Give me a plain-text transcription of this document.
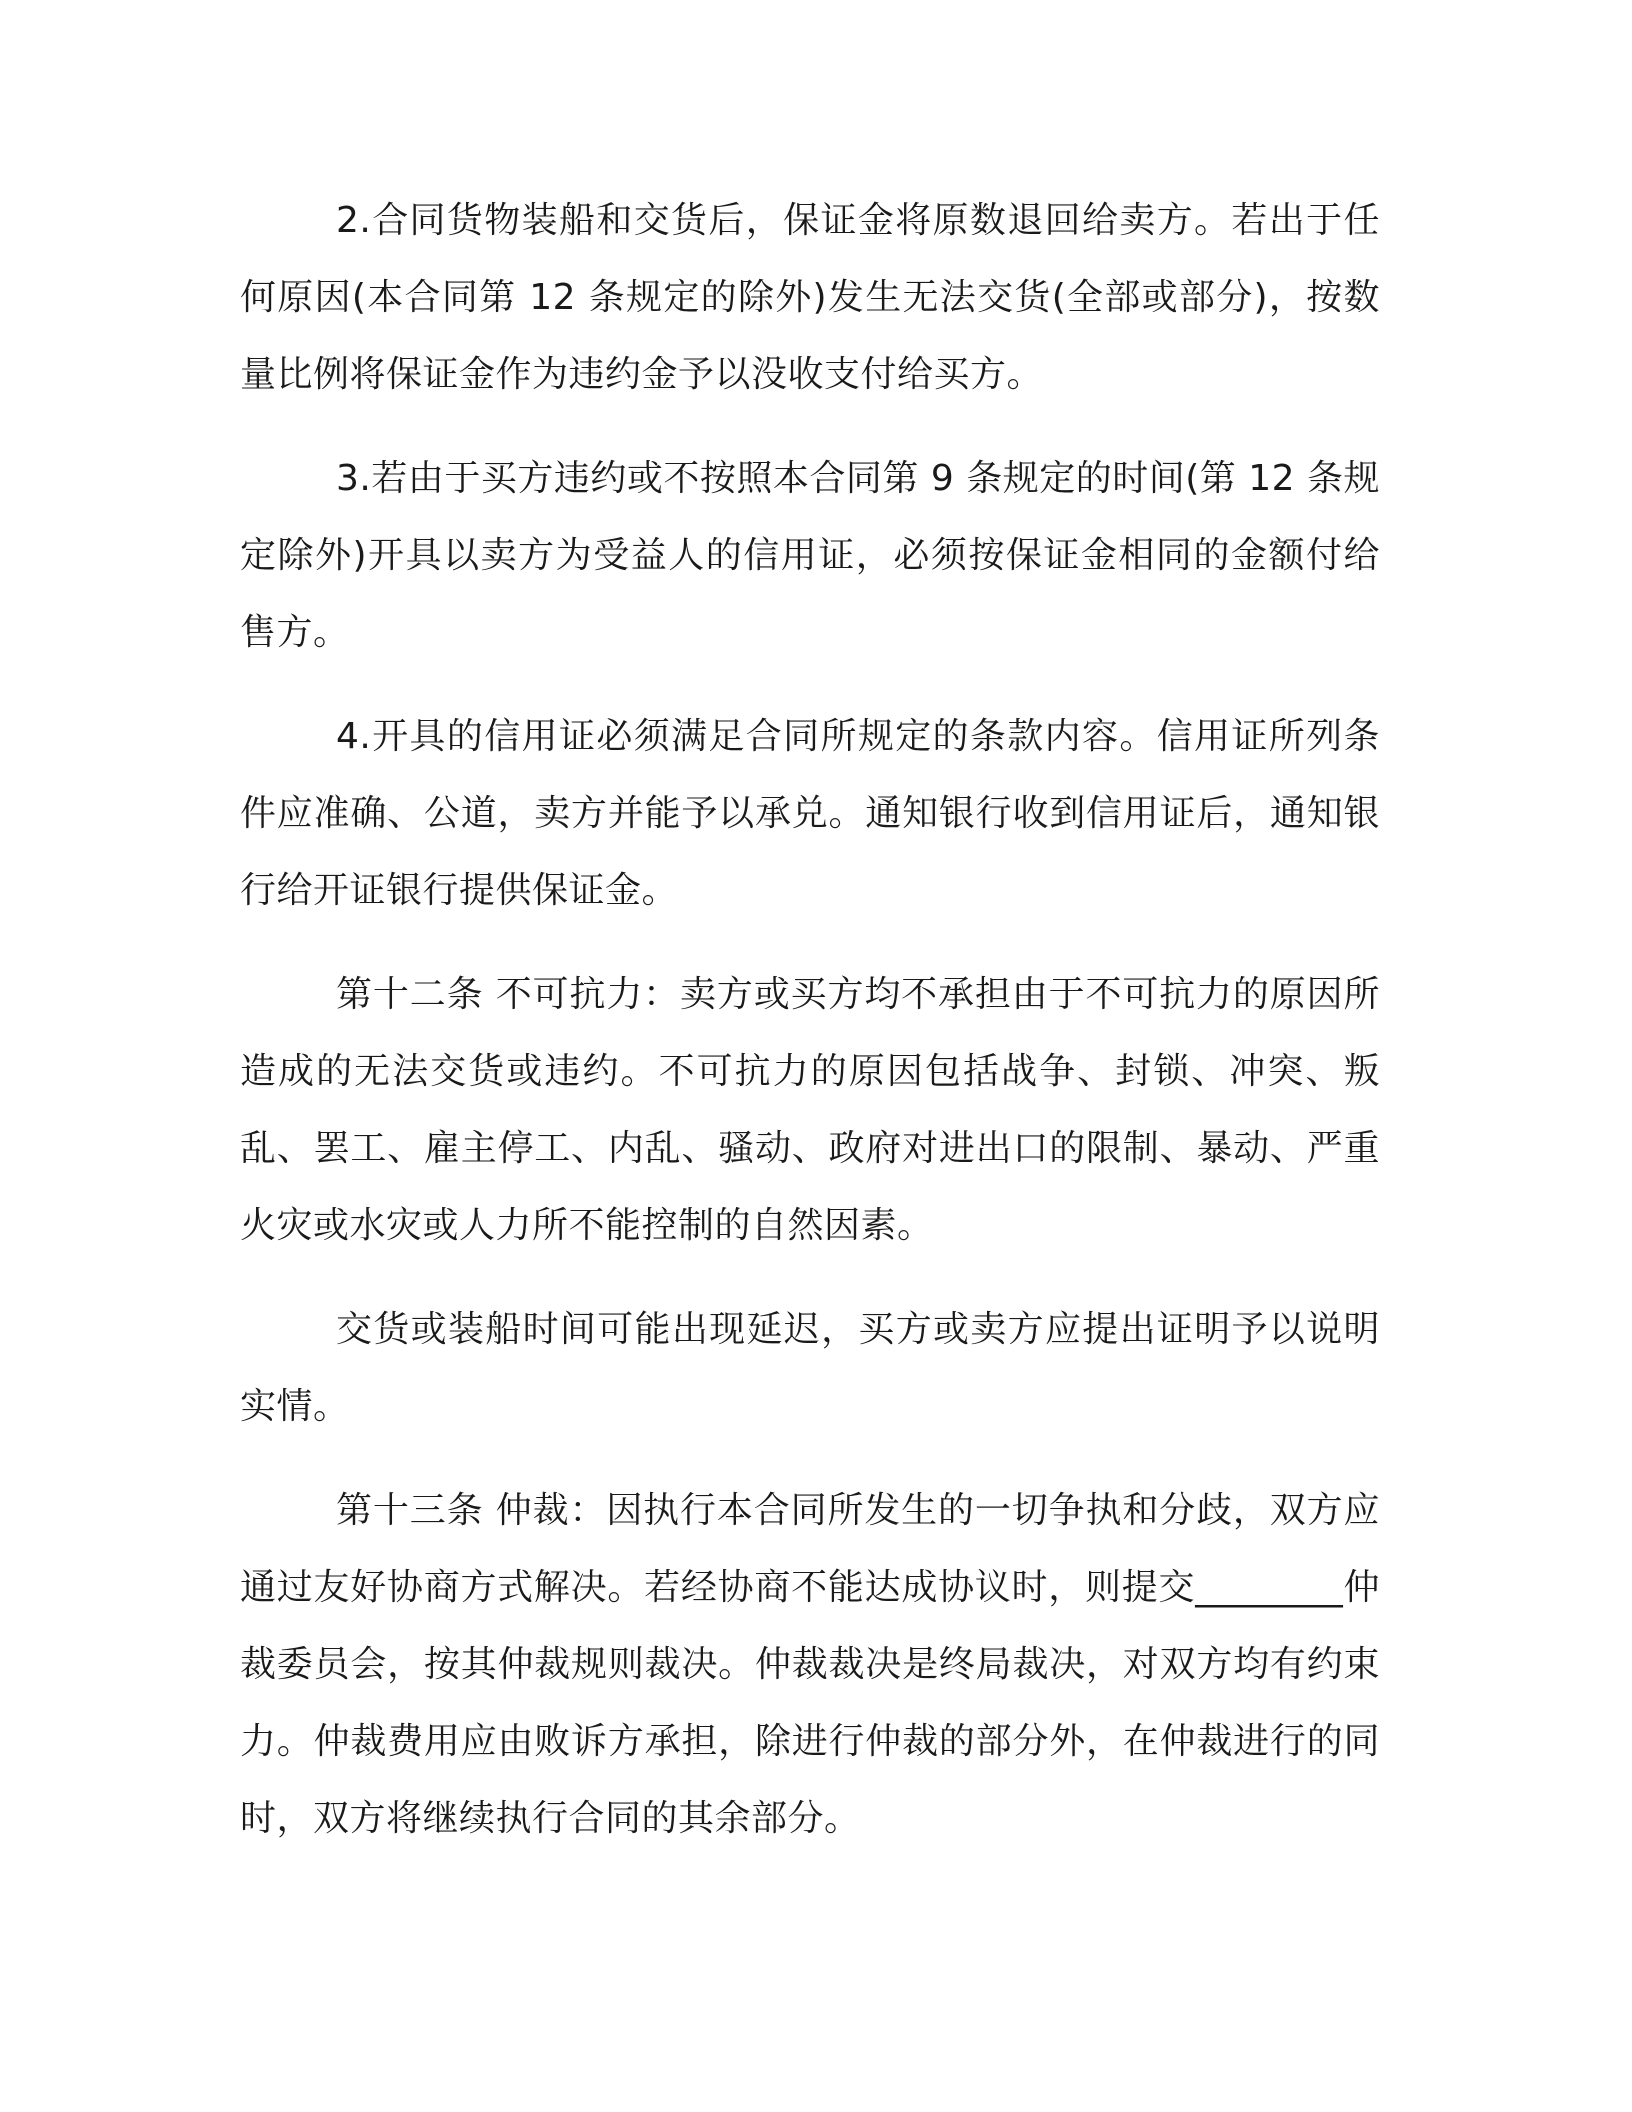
2.合同货物装船和交货后，保证金将原数退回给卖方。若出于任何原因(本合同第 12 条规定的除外)发生无法交货(全部或部分)，按数量比例将保证金作为违约金予以没收支付给买方。

3.若由于买方违约或不按照本合同第 9 条规定的时间(第 12 条规定除外)开具以卖方为受益人的信用证，必须按保证金相同的金额付给售方。

4.开具的信用证必须满足合同所规定的条款内容。信用证所列条件应准确、公道，卖方并能予以承兑。通知银行收到信用证后，通知银行给开证银行提供保证金。

第十二条 不可抗力：卖方或买方均不承担由于不可抗力的原因所造成的无法交货或违约。不可抗力的原因包括战争、封锁、冲突、叛乱、罢工、雇主停工、内乱、骚动、政府对进出口的限制、暴动、严重火灾或水灾或人力所不能控制的自然因素。

交货或装船时间可能出现延迟，买方或卖方应提出证明予以说明实情。

第十三条 仲裁：因执行本合同所发生的一切争执和分歧，双方应通过友好协商方式解决。若经协商不能达成协议时，则提交________仲裁委员会，按其仲裁规则裁决。仲裁裁决是终局裁决，对双方均有约束力。仲裁费用应由败诉方承担，除进行仲裁的部分外，在仲裁进行的同时，双方将继续执行合同的其余部分。
